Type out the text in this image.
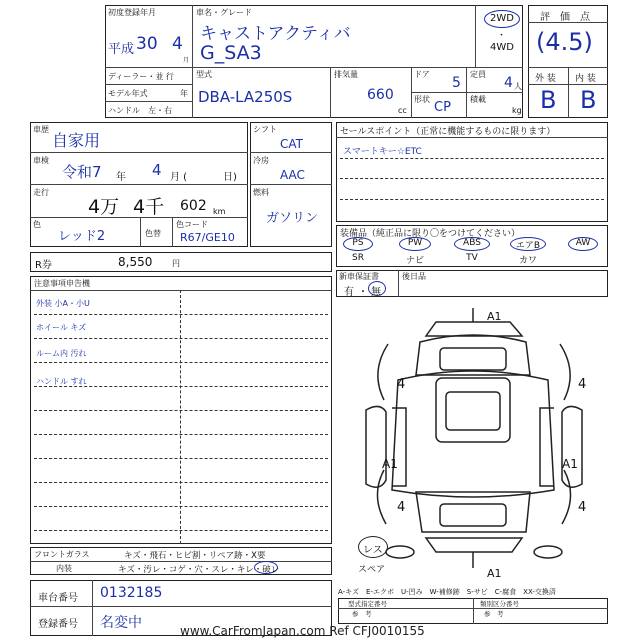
初度登録年月
平成 30 4
月
車名・グレード
キャストアクティバ
G_SA3
2WD
・
4WD
ディーラー・並 行
モデル年式	年
ハンドル　左・右
型式
DBA-LA250S
排気量
660
cc
ドア
5
定員
4 人
形状
CP
積載
kg
評　価　点
(4.5)
外 装 内 装
B B
車歴
自家用
車検
令和7 年 4 月 (	日)
走行
4万 4千 602 km
色
レッド2	色替
色コード
R67/GE10
シフト
CAT
冷房
AAC
燃料
ガソリン
セールスポイント（正常に機能するものに限ります）
スマートキー☆ETC
装備品（純正品に限り〇をつけてください）
PS	PW	ABS	エアB	AW
SR	ナビ	TV	カワ
新車保証書
有 ・ 無
後日品
R券	8,550 円
注意事項申告機
外装 小A・小U
ホイール キズ
ルーム内 汚れ
ハンドル すれ
A1
4	4
A1	A1
4	4
A1
レス
スペア
フロントガラス	キズ・飛石・ヒビ割・リペア跡・X要
内装	キズ・汚レ・コゲ・穴・スレ・キレ・破レ
車台番号 0132185
登録番号 名変中
A-キズ　E-エクボ　U-凹み　W-補修跡　S-サビ　C-腐食　XX-交換済
型式指定番号
参　考
類別区分番号
参　考
www.CarFromJapan.com Ref CFJ0010155
